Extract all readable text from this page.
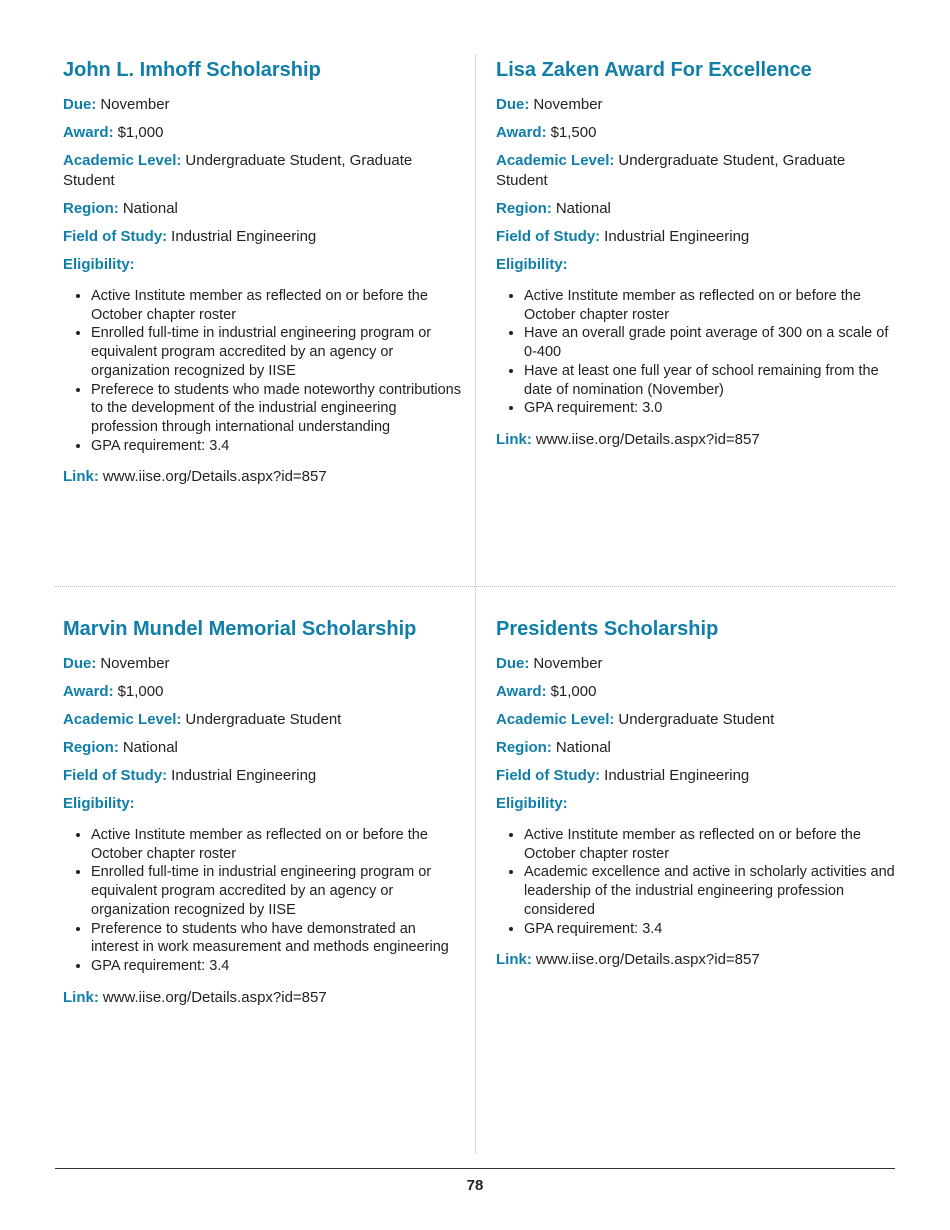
John L. Imhoff Scholarship

Due: November

Award: $1,000

Academic Level: Undergraduate Student, Graduate Student

Region: National

Field of Study: Industrial Engineering

Eligibility:

• Active Institute member as reflected on or before the October chapter roster
• Enrolled full-time in industrial engineering program or equivalent program accredited by an agency or organization recognized by IISE
• Preferece to students who made noteworthy contributions to the development of the industrial engineering profession through international understanding
• GPA requirement: 3.4

Link: www.iise.org/Details.aspx?id=857

Lisa Zaken Award For Excellence

Due: November

Award: $1,500

Academic Level: Undergraduate Student, Graduate Student

Region: National

Field of Study: Industrial Engineering

Eligibility:

• Active Institute member as reflected on or before the October chapter roster
• Have an overall grade point average of 300 on a scale of 0-400
• Have at least one full year of school remaining from the date of nomination (November)
• GPA requirement: 3.0

Link: www.iise.org/Details.aspx?id=857

Marvin Mundel Memorial Scholarship

Due: November

Award: $1,000

Academic Level: Undergraduate Student

Region: National

Field of Study: Industrial Engineering

Eligibility:

• Active Institute member as reflected on or before the October chapter roster
• Enrolled full-time in industrial engineering program or equivalent program accredited by an agency or organization recognized by IISE
• Preference to students who have demonstrated an interest in work measurement and methods engineering
• GPA requirement: 3.4

Link: www.iise.org/Details.aspx?id=857

Presidents Scholarship

Due: November

Award: $1,000

Academic Level: Undergraduate Student

Region: National

Field of Study: Industrial Engineering

Eligibility:

• Active Institute member as reflected on or before the October chapter roster
• Academic excellence and active in scholarly activities and leadership of the industrial engineering profession considered
• GPA requirement: 3.4

Link: www.iise.org/Details.aspx?id=857

78
